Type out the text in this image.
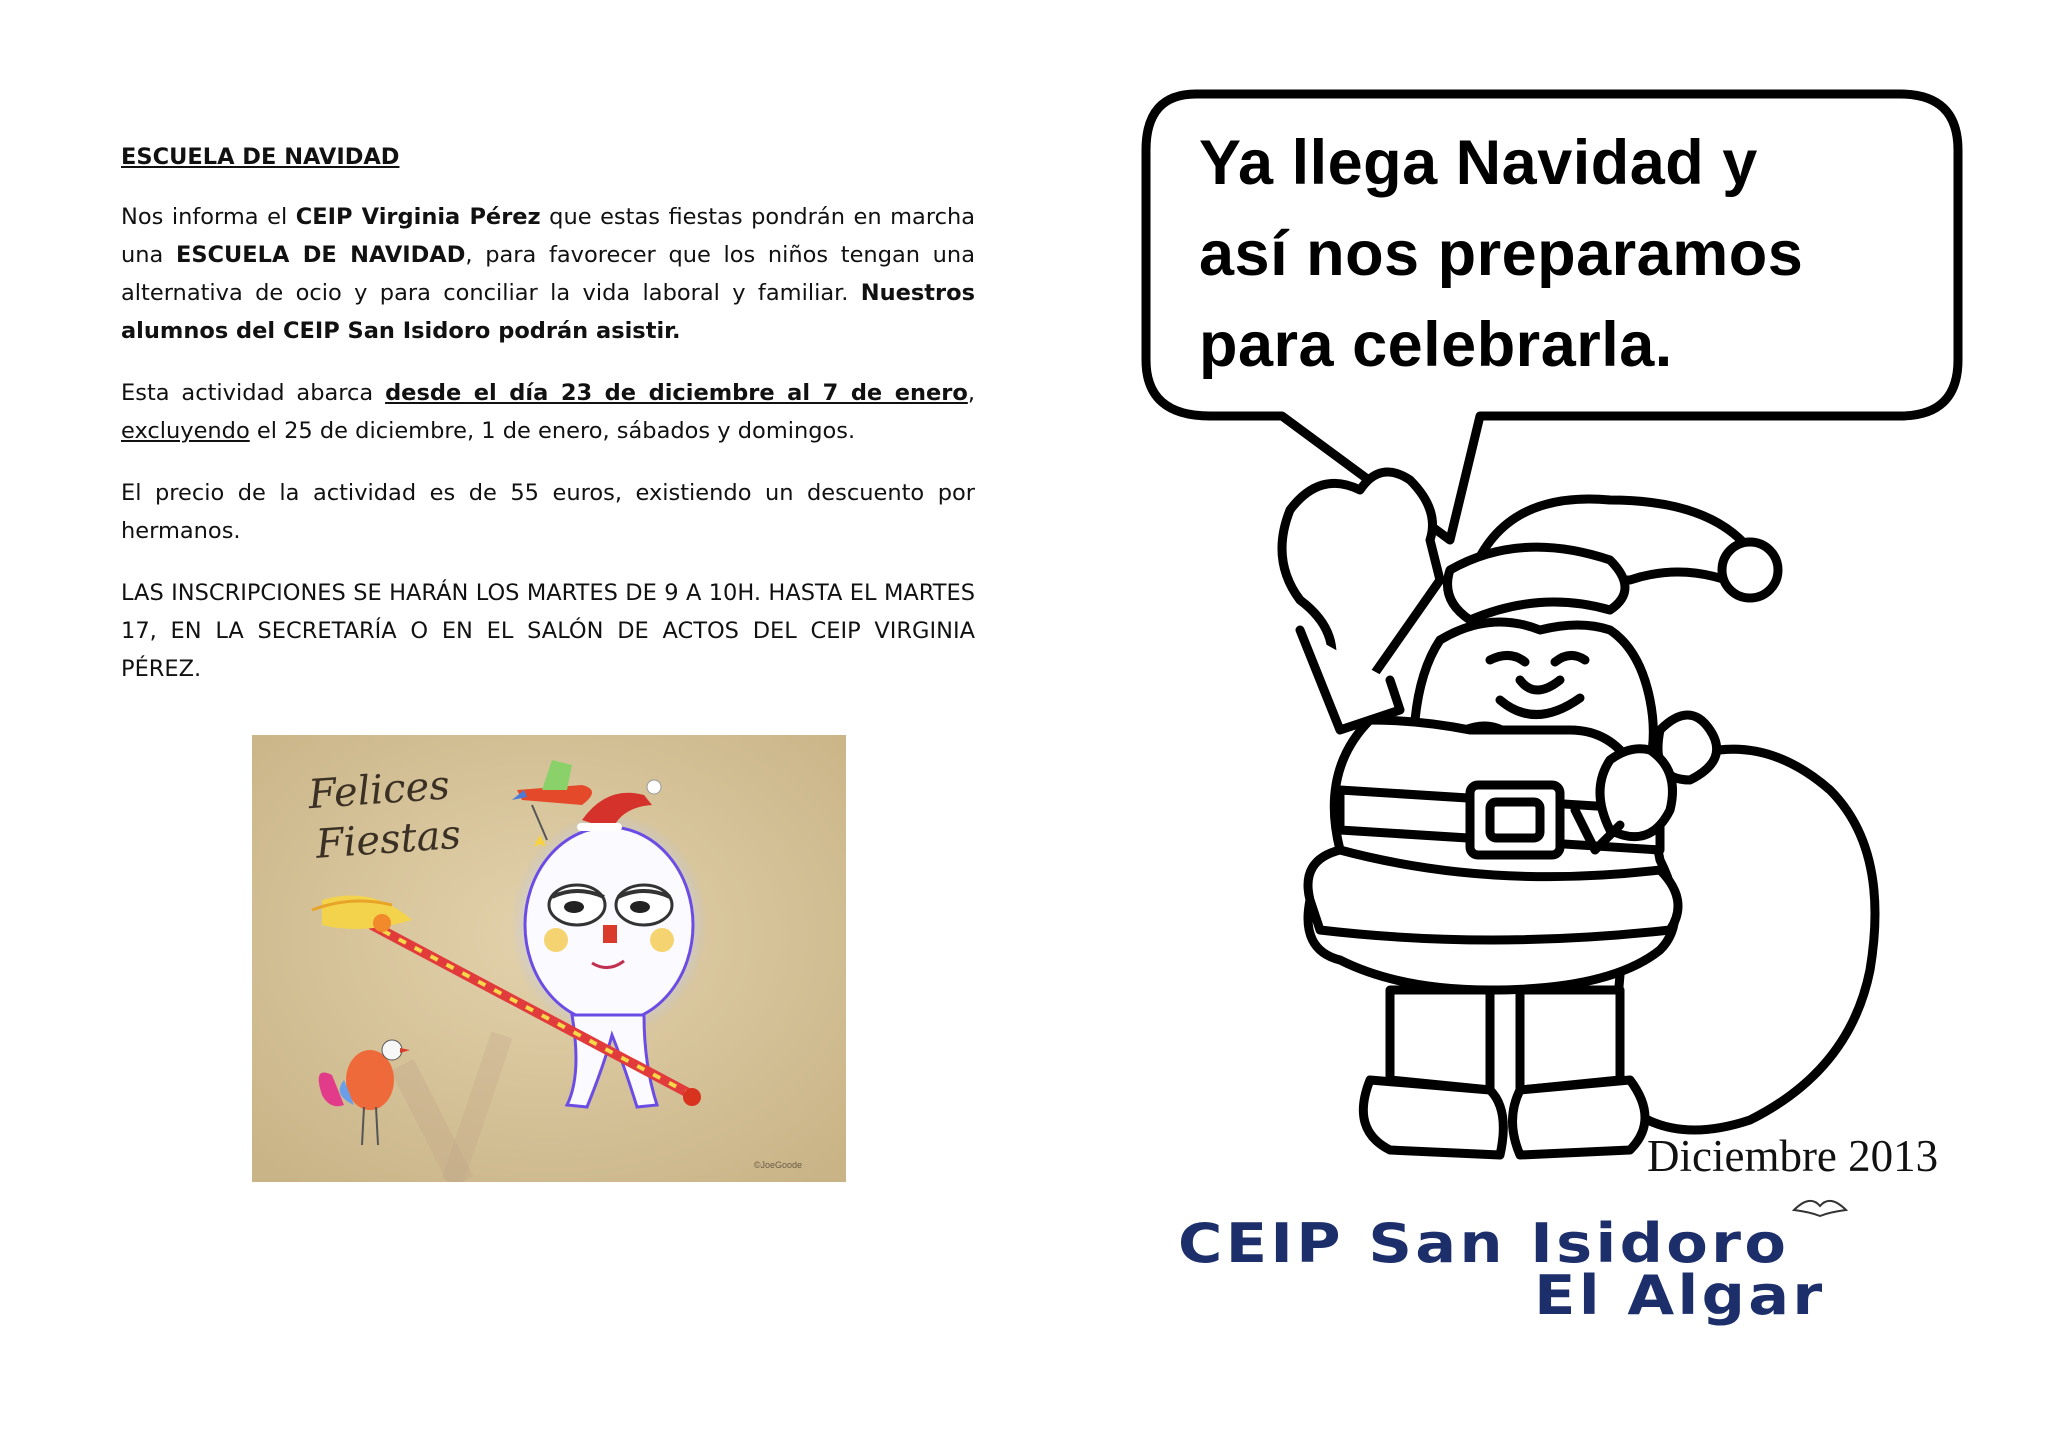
ESCUELA DE NAVIDAD

Nos informa el CEIP Virginia Pérez que estas fiestas pondrán en marcha una ESCUELA DE NAVIDAD, para favorecer que los niños tengan una alternativa de ocio y para conciliar la vida laboral y familiar. Nuestros alumnos del CEIP San Isidoro podrán asistir.

Esta actividad abarca desde el día 23 de diciembre al 7 de enero, excluyendo el 25 de diciembre, 1 de enero, sábados y domingos.

El precio de la actividad es de 55 euros, existiendo un descuento por hermanos.

LAS INSCRIPCIONES SE HARÁN LOS MARTES DE 9 A 10H. HASTA EL MARTES 17, EN LA SECRETARÍA O EN EL SALÓN DE ACTOS DEL CEIP VIRGINIA PÉREZ.

Felices
Fiestas
©JoeGoode
Ya llega Navidad y
así nos preparamos
para celebrarla.
Diciembre 2013
CEIP San Isidoro
El Algar
